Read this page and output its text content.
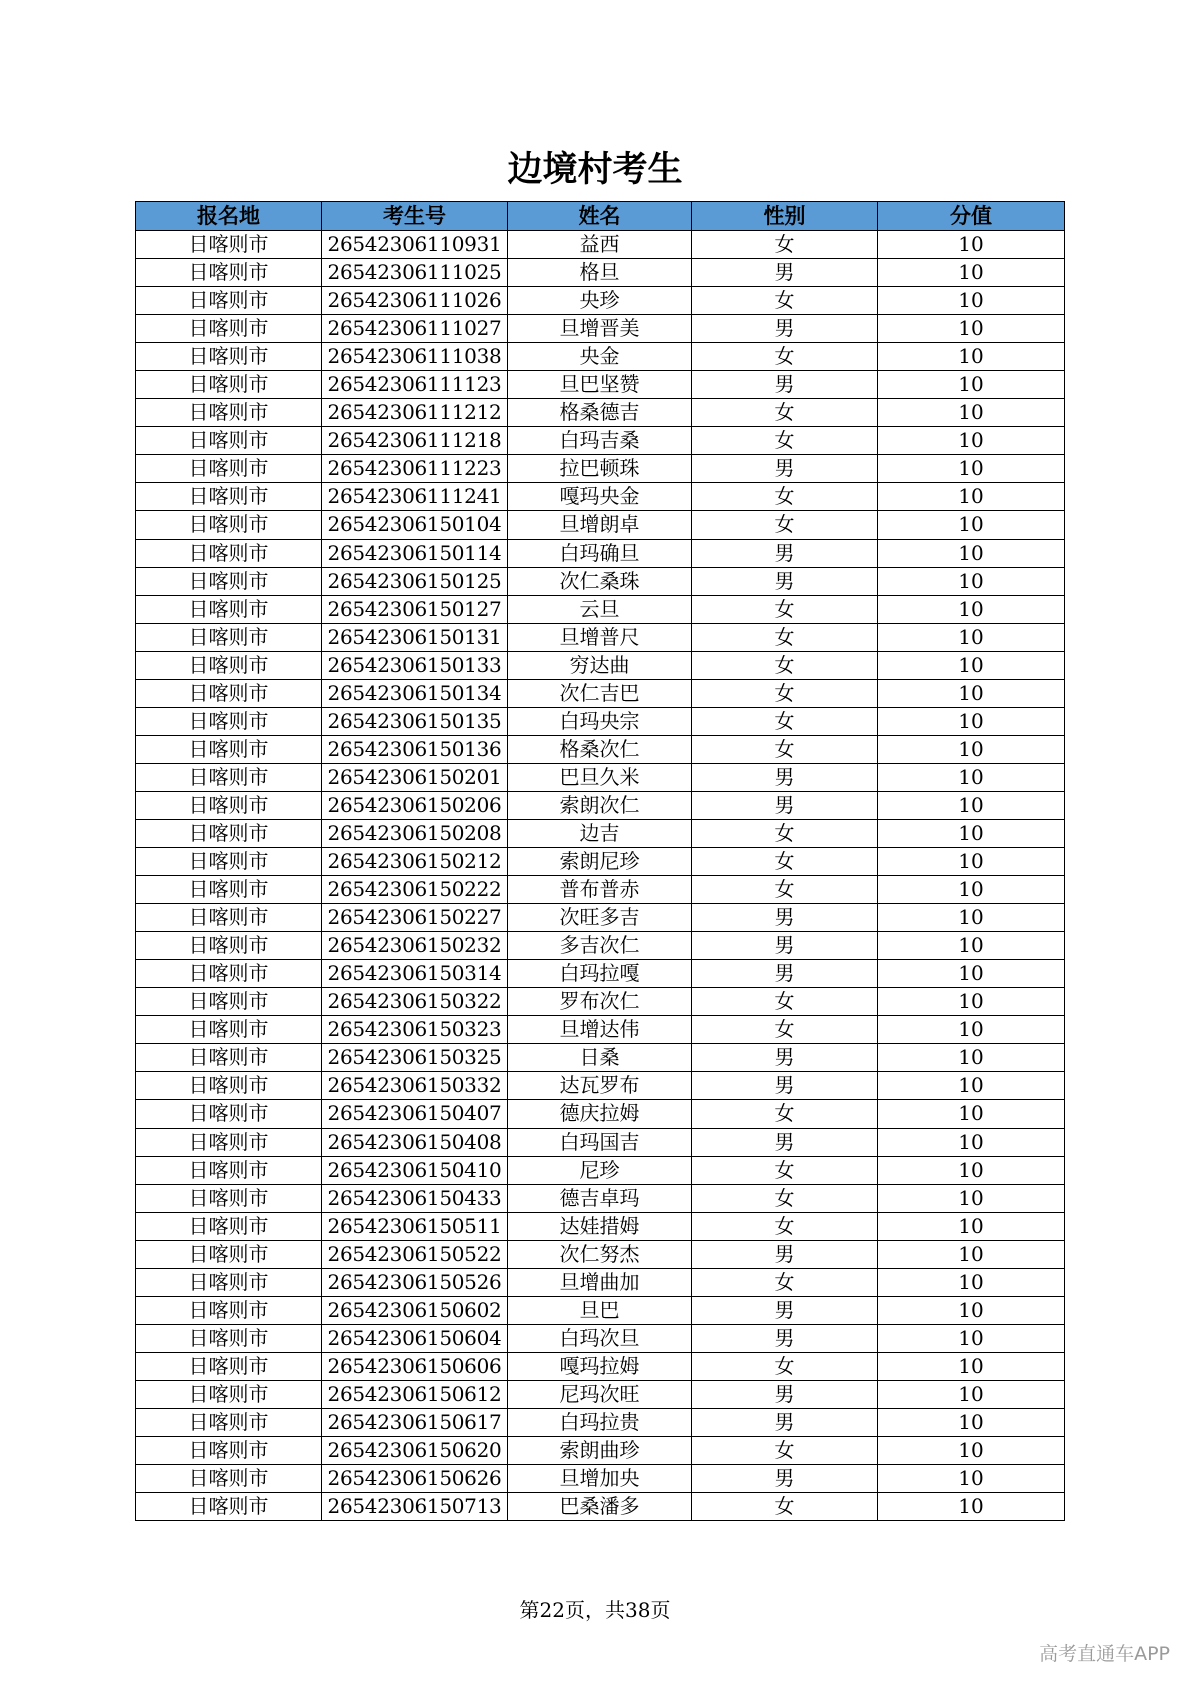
边境村考生
报名地	考生号	姓名	性别	分值
日喀则市	26542306110931	益西	女	10
日喀则市	26542306111025	格旦	男	10
日喀则市	26542306111026	央珍	女	10
日喀则市	26542306111027	旦增晋美	男	10
日喀则市	26542306111038	央金	女	10
日喀则市	26542306111123	旦巴坚赞	男	10
日喀则市	26542306111212	格桑德吉	女	10
日喀则市	26542306111218	白玛吉桑	女	10
日喀则市	26542306111223	拉巴顿珠	男	10
日喀则市	26542306111241	嘎玛央金	女	10
日喀则市	26542306150104	旦增朗卓	女	10
日喀则市	26542306150114	白玛确旦	男	10
日喀则市	26542306150125	次仁桑珠	男	10
日喀则市	26542306150127	云旦	女	10
日喀则市	26542306150131	旦增普尺	女	10
日喀则市	26542306150133	穷达曲	女	10
日喀则市	26542306150134	次仁吉巴	女	10
日喀则市	26542306150135	白玛央宗	女	10
日喀则市	26542306150136	格桑次仁	女	10
日喀则市	26542306150201	巴旦久米	男	10
日喀则市	26542306150206	索朗次仁	男	10
日喀则市	26542306150208	边吉	女	10
日喀则市	26542306150212	索朗尼珍	女	10
日喀则市	26542306150222	普布普赤	女	10
日喀则市	26542306150227	次旺多吉	男	10
日喀则市	26542306150232	多吉次仁	男	10
日喀则市	26542306150314	白玛拉嘎	男	10
日喀则市	26542306150322	罗布次仁	女	10
日喀则市	26542306150323	旦增达伟	女	10
日喀则市	26542306150325	日桑	男	10
日喀则市	26542306150332	达瓦罗布	男	10
日喀则市	26542306150407	德庆拉姆	女	10
日喀则市	26542306150408	白玛国吉	男	10
日喀则市	26542306150410	尼珍	女	10
日喀则市	26542306150433	德吉卓玛	女	10
日喀则市	26542306150511	达娃措姆	女	10
日喀则市	26542306150522	次仁努杰	男	10
日喀则市	26542306150526	旦增曲加	女	10
日喀则市	26542306150602	旦巴	男	10
日喀则市	26542306150604	白玛次旦	男	10
日喀则市	26542306150606	嘎玛拉姆	女	10
日喀则市	26542306150612	尼玛次旺	男	10
日喀则市	26542306150617	白玛拉贵	男	10
日喀则市	26542306150620	索朗曲珍	女	10
日喀则市	26542306150626	旦增加央	男	10
日喀则市	26542306150713	巴桑潘多	女	10
第22页，共38页
高考直通车APP
